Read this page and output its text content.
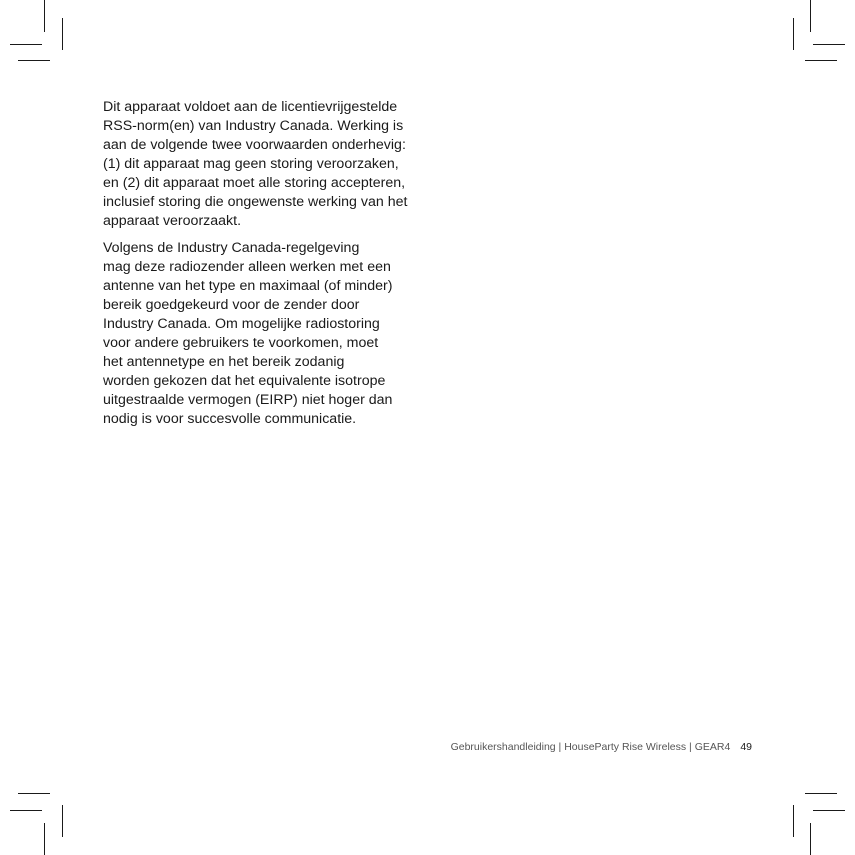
Dit apparaat voldoet aan de licentievrijgestelde
RSS-norm(en) van Industry Canada. Werking is
aan de volgende twee voorwaarden onderhevig:
(1) dit apparaat mag geen storing veroorzaken,
en (2) dit apparaat moet alle storing accepteren,
inclusief storing die ongewenste werking van het
apparaat veroorzaakt.

Volgens de Industry Canada-regelgeving
mag deze radiozender alleen werken met een
antenne van het type en maximaal (of minder)
bereik goedgekeurd voor de zender door
Industry Canada. Om mogelijke radiostoring
voor andere gebruikers te voorkomen, moet
het antennetype en het bereik zodanig
worden gekozen dat het equivalente isotrope
uitgestraalde vermogen (EIRP) niet hoger dan
nodig is voor succesvolle communicatie.

Gebruikershandleiding | HouseParty Rise Wireless | GEAR4 49
